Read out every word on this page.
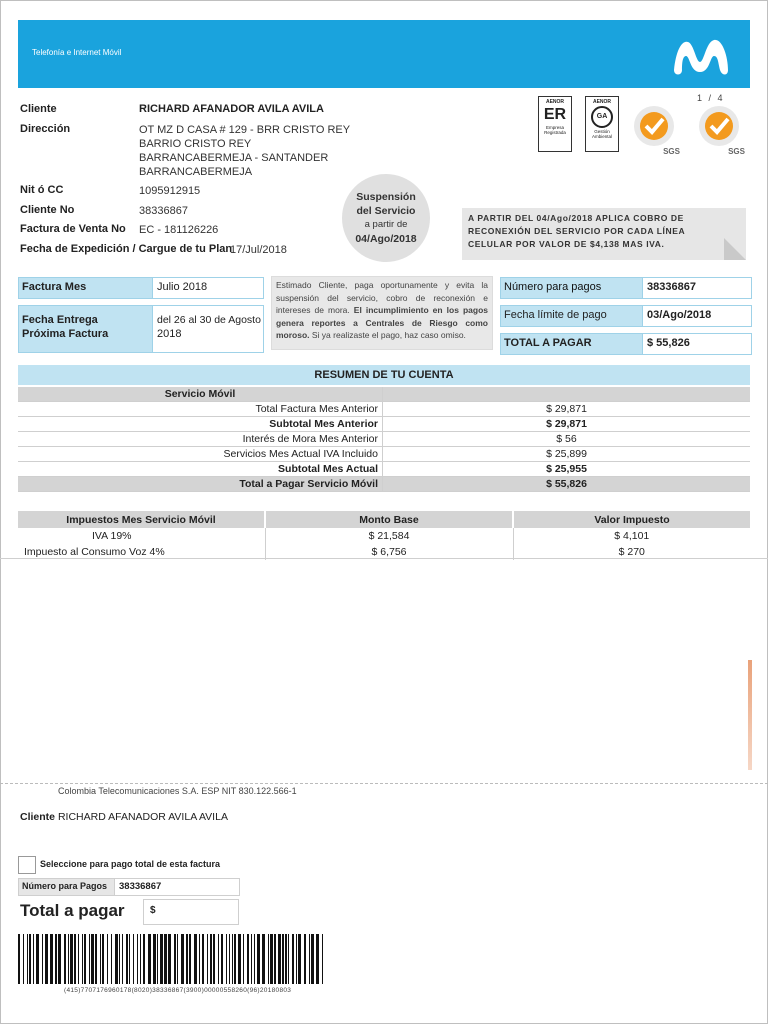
Telefonía e Internet Móvil
1 / 4
Cliente	RICHARD AFANADOR AVILA AVILA
Dirección	OT MZ D CASA # 129 - BRR CRISTO REY
BARRIO CRISTO REY
BARRANCABERMEJA - SANTANDER
BARRANCABERMEJA
Nit ó CC	1095912915
Cliente No	38336867
Factura de Venta No EC - 181126226
Fecha de Expedición / Cargue de tu Plan
17/Jul/2018
AENOR
ER
Empresa Registrada
AENOR
GA
Gestión Ambiental
SGS	SGS
Suspensión
del Servicio
a partir de
04/Ago/2018
A PARTIR DEL 04/Ago/2018 APLICA COBRO DE RECONEXIÓN DEL SERVICIO POR CADA LÍNEA CELULAR POR VALOR DE $4,138 MAS IVA.
Factura Mes	Julio 2018
Fecha Entrega
Próxima Factura
del 26 al 30 de Agosto
2018
Estimado Cliente, paga oportunamente y evita la suspensión del servicio, cobro de reconexión e intereses de mora. El incumplimiento en los pagos genera reportes a Centrales de Riesgo como moroso. Si ya realizaste el pago, haz caso omiso.
Número para pagos	38336867
Fecha límite de pago	03/Ago/2018
TOTAL A PAGAR	$ 55,826
RESUMEN DE TU CUENTA
Servicio Móvil	
Total Factura Mes Anterior	$ 29,871
Subtotal Mes Anterior	$ 29,871
Interés de Mora Mes Anterior	$ 56
Servicios Mes Actual IVA Incluido	$ 25,899
Subtotal Mes Actual	$ 25,955
Total a Pagar Servicio Móvil	$ 55,826
Impuestos Mes Servicio Móvil	Monto Base	Valor Impuesto
IVA 19%	$ 21,584	$ 4,101
Impuesto al Consumo Voz 4%	$ 6,756	$ 270
Colombia Telecomunicaciones S.A. ESP NIT 830.122.566-1
Cliente RICHARD AFANADOR AVILA AVILA
Seleccione para pago total de esta factura
Número para Pagos 38336867
Total a pagar	$
(415)7707176960178(8020)38336867(3900)00000558260(96)20180803
